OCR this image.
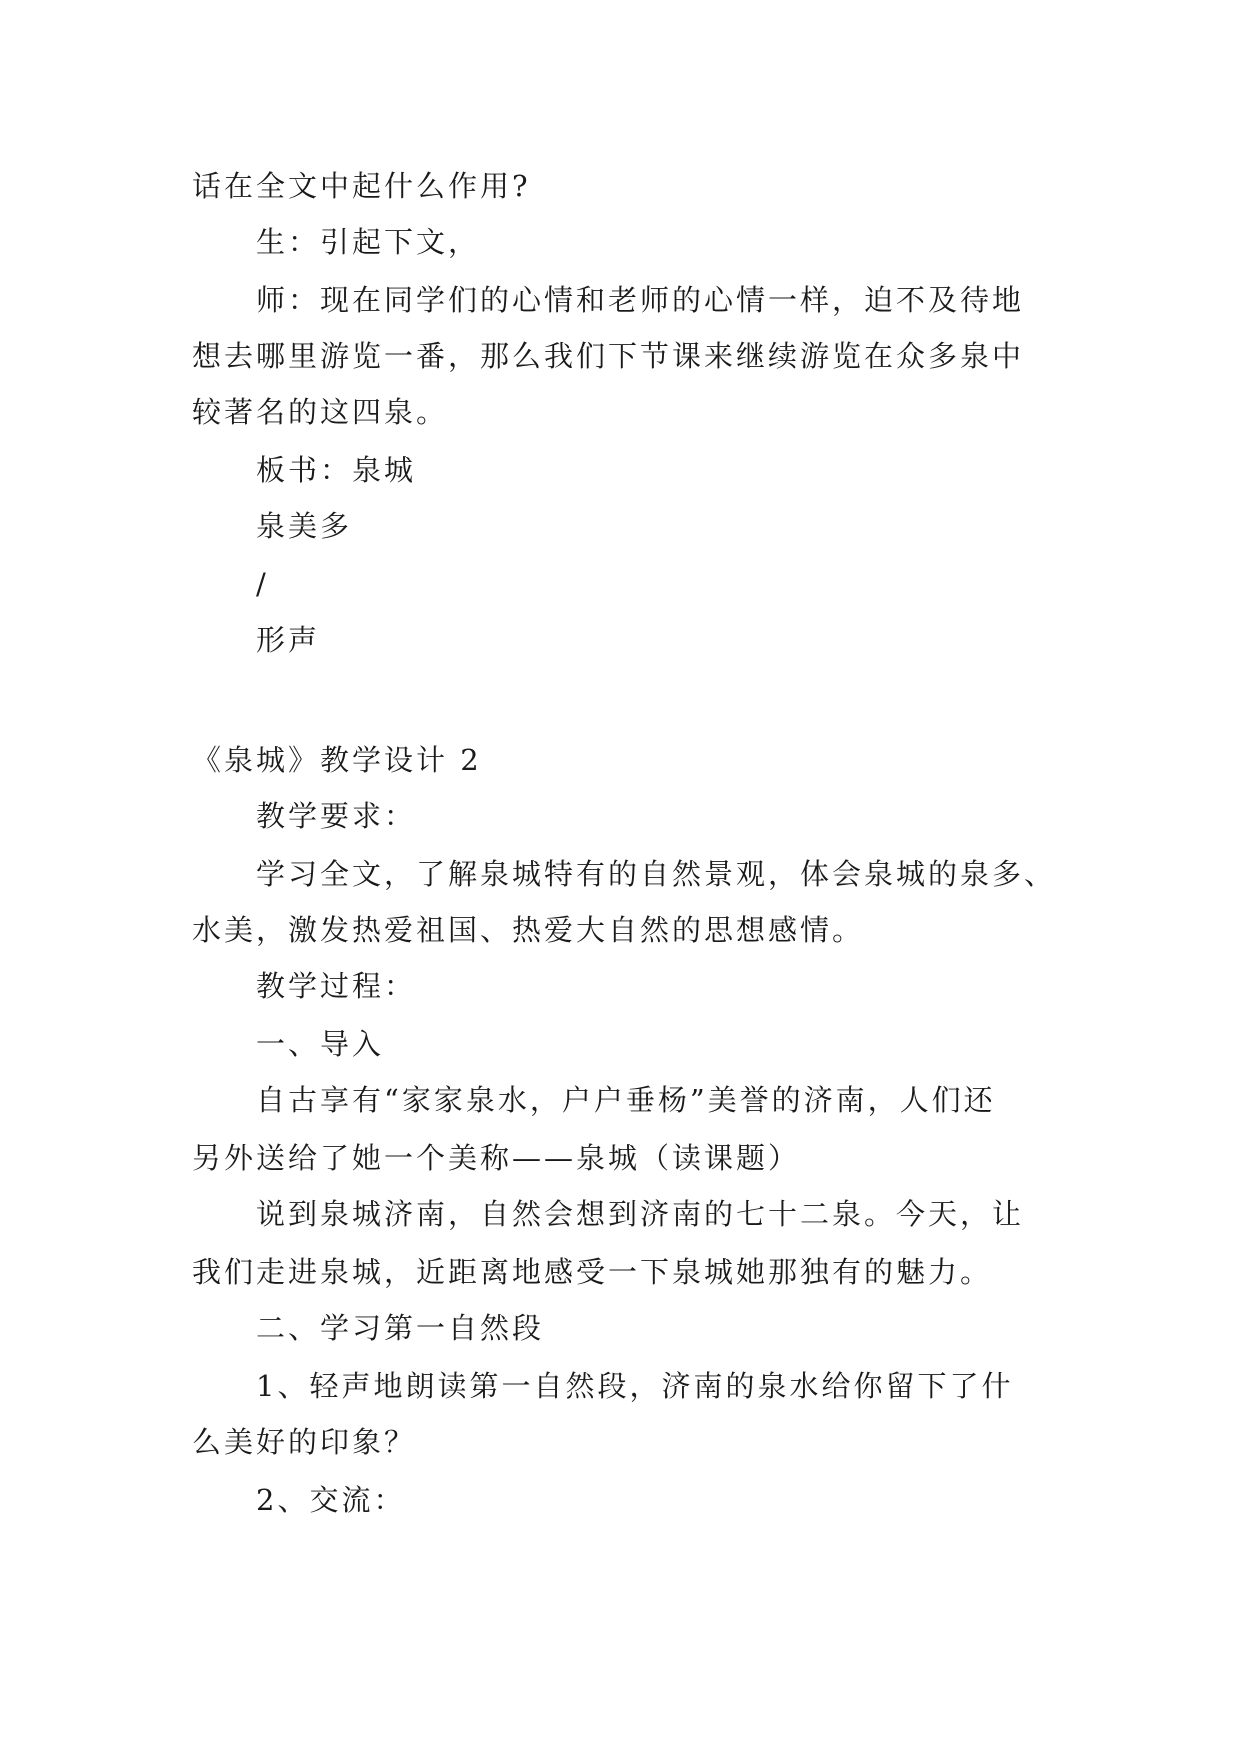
话在全文中起什么作用?
生：引起下文，
师：现在同学们的心情和老师的心情一样，迫不及待地
想去哪里游览一番，那么我们下节课来继续游览在众多泉中
较著名的这四泉。
板书：泉城
泉美多
/
形声
《泉城》教学设计 2
教学要求：
学习全文，了解泉城特有的自然景观，体会泉城的泉多、
水美，激发热爱祖国、热爱大自然的思想感情。
教学过程：
一、导入
自古享有“家家泉水，户户垂杨”美誉的济南，人们还
另外送给了她一个美称——泉城（读课题）
说到泉城济南，自然会想到济南的七十二泉。今天，让
我们走进泉城，近距离地感受一下泉城她那独有的魅力。
二、学习第一自然段
1、轻声地朗读第一自然段，济南的泉水给你留下了什
么美好的印象？
2、交流：
